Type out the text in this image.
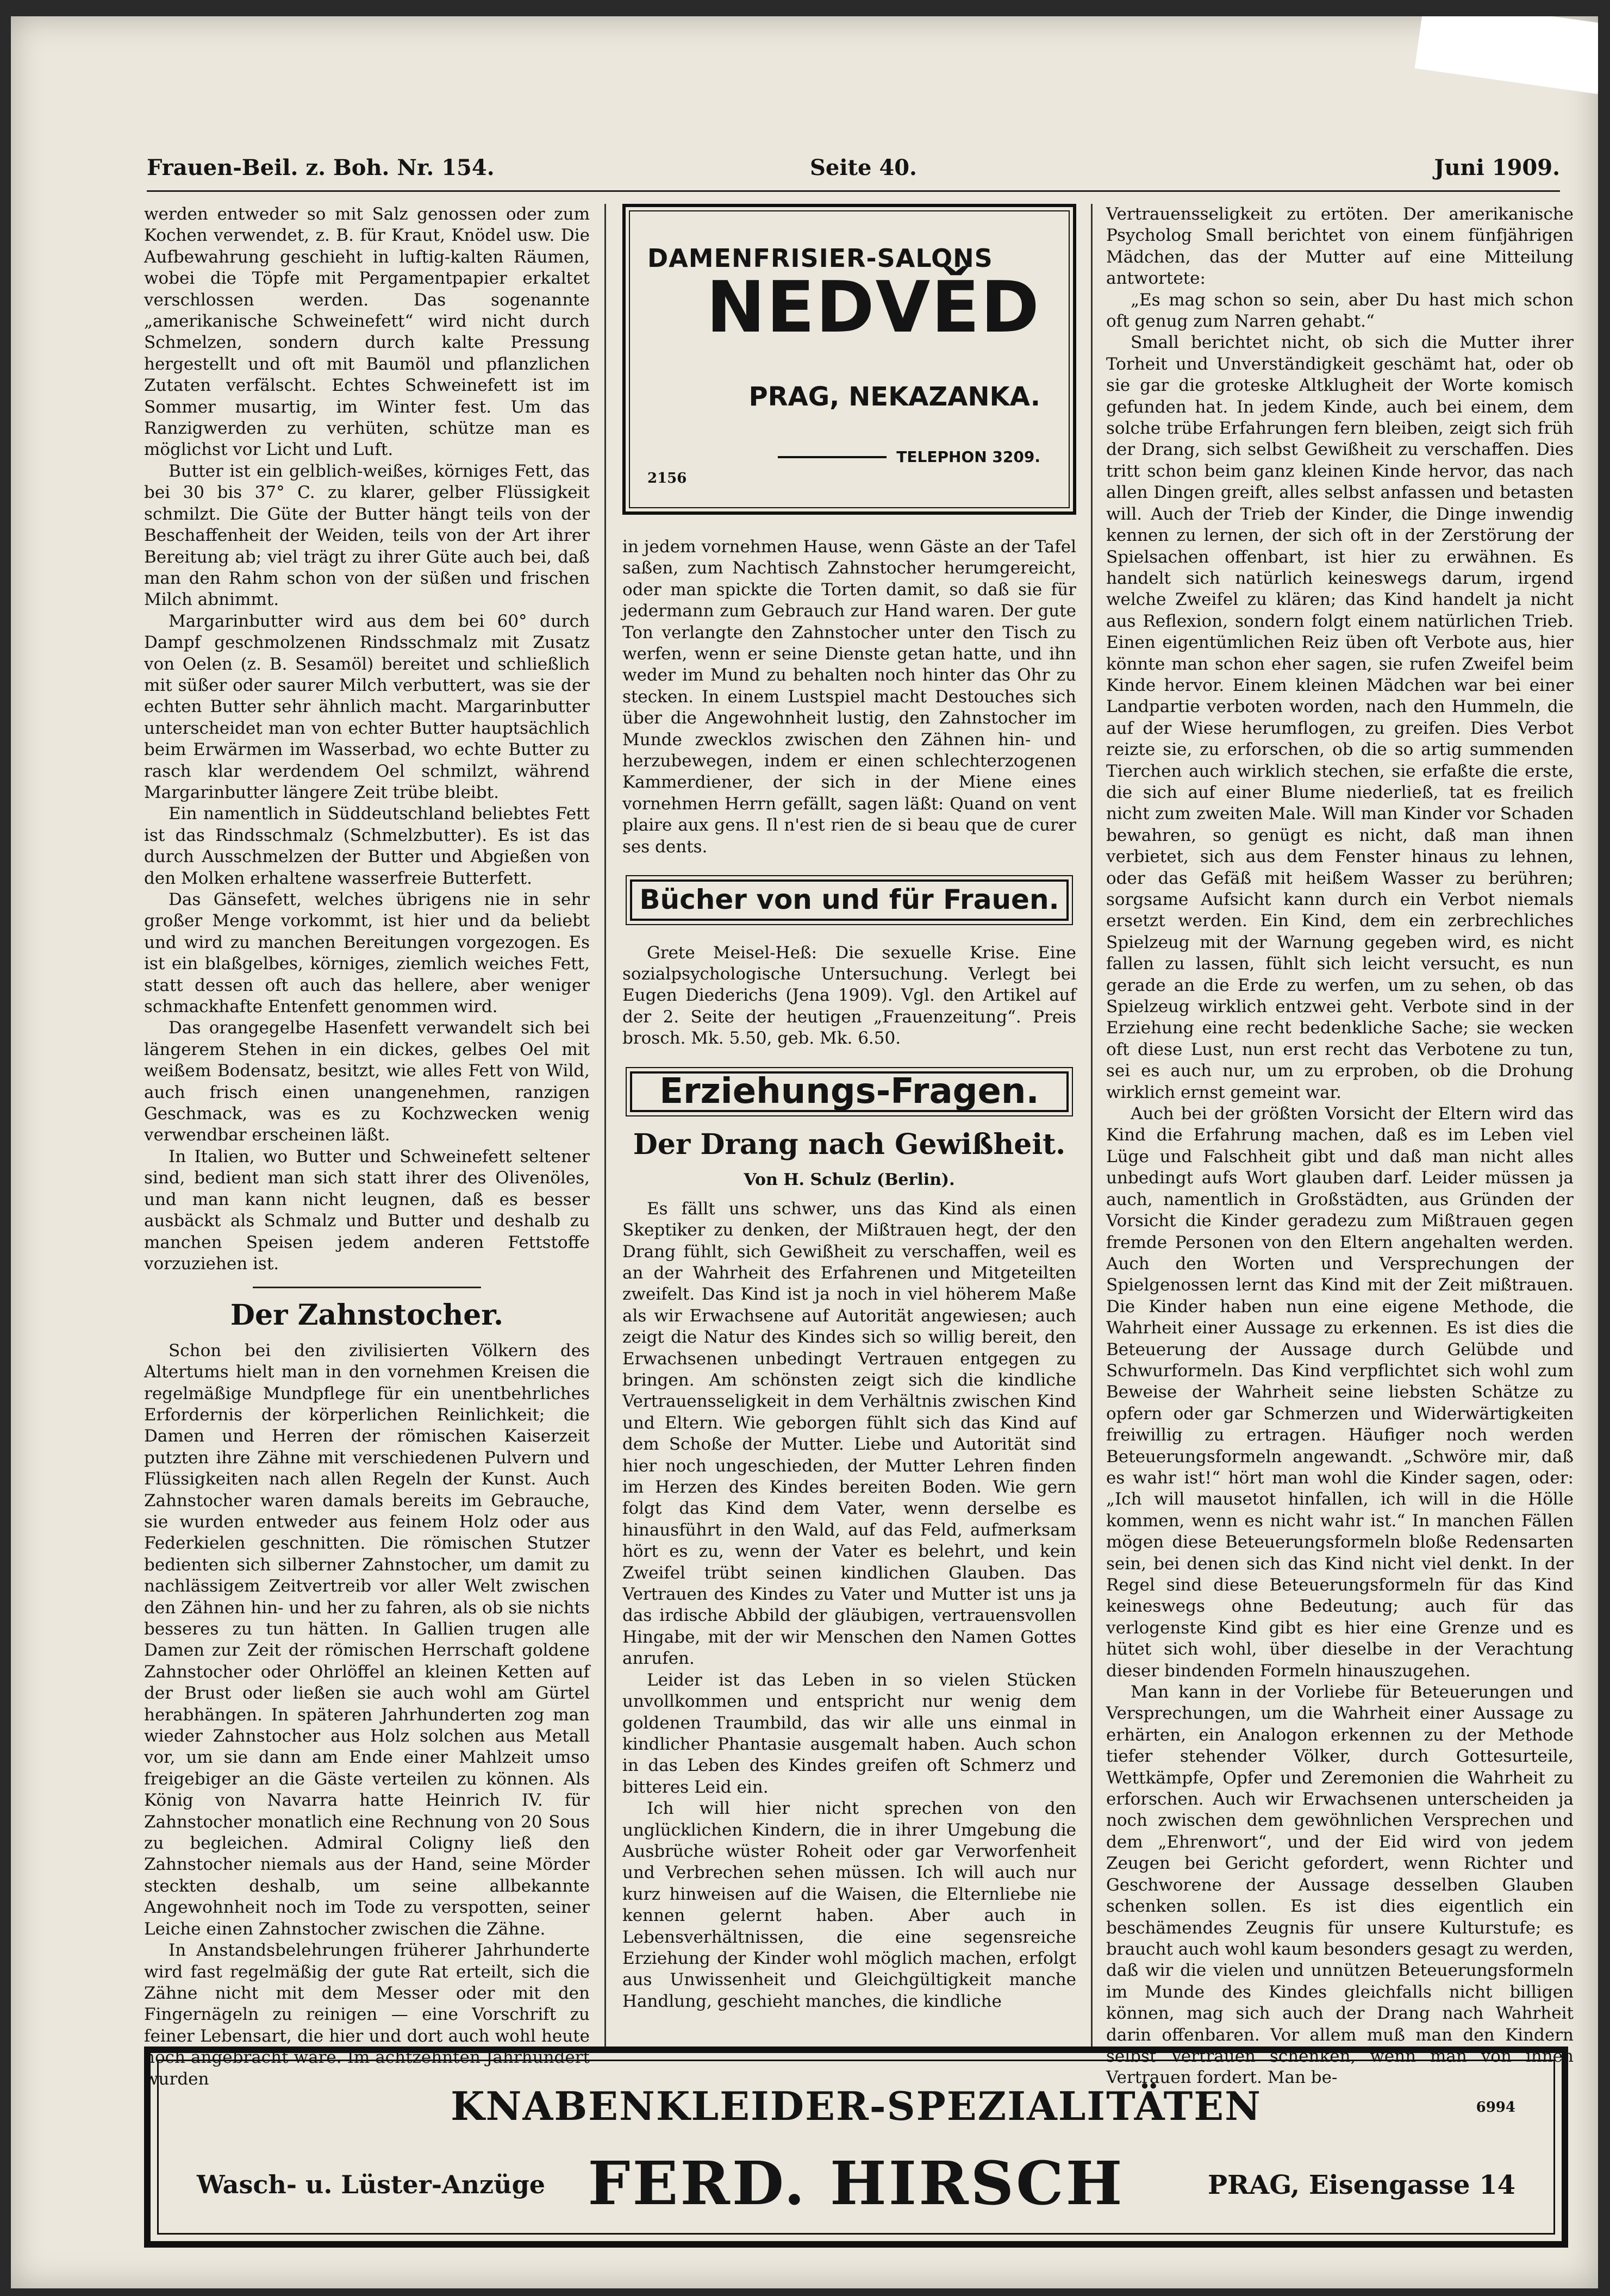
Frauen-Beil. z. Boh. Nr. 154.	Seite 40.	Juni 1909.

werden entweder so mit Salz genossen oder zum Kochen verwendet, z. B. für Kraut, Knödel usw. Die Aufbewahrung geschieht in luftig-kalten Räumen, wobei die Töpfe mit Pergamentpapier erkaltet verschlossen werden. Das sogenannte „amerikanische Schweinefett“ wird nicht durch Schmelzen, sondern durch kalte Pressung hergestellt und oft mit Baumöl und pflanzlichen Zutaten verfälscht. Echtes Schweinefett ist im Sommer musartig, im Winter fest. Um das Ranzigwerden zu verhüten, schütze man es möglichst vor Licht und Luft.

Butter ist ein gelblich-weißes, körniges Fett, das bei 30 bis 37° C. zu klarer, gelber Flüssigkeit schmilzt. Die Güte der Butter hängt teils von der Beschaffenheit der Weiden, teils von der Art ihrer Bereitung ab; viel trägt zu ihrer Güte auch bei, daß man den Rahm schon von der süßen und frischen Milch abnimmt.

Margarinbutter wird aus dem bei 60° durch Dampf geschmolzenen Rindsschmalz mit Zusatz von Oelen (z. B. Sesamöl) bereitet und schließlich mit süßer oder saurer Milch verbuttert, was sie der echten Butter sehr ähnlich macht. Margarinbutter unterscheidet man von echter Butter hauptsächlich beim Erwärmen im Wasserbad, wo echte Butter zu rasch klar werdendem Oel schmilzt, während Margarinbutter längere Zeit trübe bleibt.

Ein namentlich in Süddeutschland beliebtes Fett ist das Rindsschmalz (Schmelzbutter). Es ist das durch Ausschmelzen der Butter und Abgießen von den Molken erhaltene wasserfreie Butterfett.

Das Gänsefett, welches übrigens nie in sehr großer Menge vorkommt, ist hier und da beliebt und wird zu manchen Bereitungen vorgezogen. Es ist ein blaßgelbes, körniges, ziemlich weiches Fett, statt dessen oft auch das hellere, aber weniger schmackhafte Entenfett genommen wird.

Das orangegelbe Hasenfett verwandelt sich bei längerem Stehen in ein dickes, gelbes Oel mit weißem Bodensatz, besitzt, wie alles Fett von Wild, auch frisch einen unangenehmen, ranzigen Geschmack, was es zu Kochzwecken wenig verwendbar erscheinen läßt.

In Italien, wo Butter und Schweinefett seltener sind, bedient man sich statt ihrer des Olivenöles, und man kann nicht leugnen, daß es besser ausbäckt als Schmalz und Butter und deshalb zu manchen Speisen jedem anderen Fettstoffe vorzuziehen ist.

Der Zahnstocher.

Schon bei den zivilisierten Völkern des Altertums hielt man in den vornehmen Kreisen die regelmäßige Mundpflege für ein unentbehrliches Erfordernis der körperlichen Reinlichkeit; die Damen und Herren der römischen Kaiserzeit putzten ihre Zähne mit verschiedenen Pulvern und Flüssigkeiten nach allen Regeln der Kunst. Auch Zahnstocher waren damals bereits im Gebrauche, sie wurden entweder aus feinem Holz oder aus Federkielen geschnitten. Die römischen Stutzer bedienten sich silberner Zahnstocher, um damit zu nachlässigem Zeitvertreib vor aller Welt zwischen den Zähnen hin- und her zu fahren, als ob sie nichts besseres zu tun hätten. In Gallien trugen alle Damen zur Zeit der römischen Herrschaft goldene Zahnstocher oder Ohrlöffel an kleinen Ketten auf der Brust oder ließen sie auch wohl am Gürtel herabhängen. In späteren Jahrhunderten zog man wieder Zahnstocher aus Holz solchen aus Metall vor, um sie dann am Ende einer Mahlzeit umso freigebiger an die Gäste verteilen zu können. Als König von Navarra hatte Heinrich IV. für Zahnstocher monatlich eine Rechnung von 20 Sous zu begleichen. Admiral Coligny ließ den Zahnstocher niemals aus der Hand, seine Mörder steckten deshalb, um seine allbekannte Angewohnheit noch im Tode zu verspotten, seiner Leiche einen Zahnstocher zwischen die Zähne.

In Anstandsbelehrungen früherer Jahrhunderte wird fast regelmäßig der gute Rat erteilt, sich die Zähne nicht mit dem Messer oder mit den Fingernägeln zu reinigen — eine Vorschrift zu feiner Lebensart, die hier und dort auch wohl heute noch angebracht wäre. Im achtzehnten Jahrhundert wurden

DAMENFRISIER-SALONS
NEDVĚD
PRAG, NEKAZANKA.
TELEPHON 3209.
2156

in jedem vornehmen Hause, wenn Gäste an der Tafel saßen, zum Nachtisch Zahnstocher herumgereicht, oder man spickte die Torten damit, so daß sie für jedermann zum Gebrauch zur Hand waren. Der gute Ton verlangte den Zahnstocher unter den Tisch zu werfen, wenn er seine Dienste getan hatte, und ihn weder im Mund zu behalten noch hinter das Ohr zu stecken. In einem Lustspiel macht Destouches sich über die Angewohnheit lustig, den Zahnstocher im Munde zwecklos zwischen den Zähnen hin- und herzubewegen, indem er einen schlechterzogenen Kammerdiener, der sich in der Miene eines vornehmen Herrn gefällt, sagen läßt: Quand on vent plaire aux gens. Il n'est rien de si beau que de curer ses dents.

Bücher von und für Frauen.

Grete Meisel-Heß: Die sexuelle Krise. Eine sozialpsychologische Untersuchung. Verlegt bei Eugen Diederichs (Jena 1909). Vgl. den Artikel auf der 2. Seite der heutigen „Frauenzeitung“. Preis brosch. Mk. 5.50, geb. Mk. 6.50.

Erziehungs-Fragen.
Der Drang nach Gewißheit.
Von H. Schulz (Berlin).

Es fällt uns schwer, uns das Kind als einen Skeptiker zu denken, der Mißtrauen hegt, der den Drang fühlt, sich Gewißheit zu verschaffen, weil es an der Wahrheit des Erfahrenen und Mitgeteilten zweifelt. Das Kind ist ja noch in viel höherem Maße als wir Erwachsene auf Autorität angewiesen; auch zeigt die Natur des Kindes sich so willig bereit, den Erwachsenen unbedingt Vertrauen entgegen zu bringen. Am schönsten zeigt sich die kindliche Vertrauensseligkeit in dem Verhältnis zwischen Kind und Eltern. Wie geborgen fühlt sich das Kind auf dem Schoße der Mutter. Liebe und Autorität sind hier noch ungeschieden, der Mutter Lehren finden im Herzen des Kindes bereiten Boden. Wie gern folgt das Kind dem Vater, wenn derselbe es hinausführt in den Wald, auf das Feld, aufmerksam hört es zu, wenn der Vater es belehrt, und kein Zweifel trübt seinen kindlichen Glauben. Das Vertrauen des Kindes zu Vater und Mutter ist uns ja das irdische Abbild der gläubigen, vertrauensvollen Hingabe, mit der wir Menschen den Namen Gottes anrufen.

Leider ist das Leben in so vielen Stücken unvollkommen und entspricht nur wenig dem goldenen Traumbild, das wir alle uns einmal in kindlicher Phantasie ausgemalt haben. Auch schon in das Leben des Kindes greifen oft Schmerz und bitteres Leid ein.

Ich will hier nicht sprechen von den unglücklichen Kindern, die in ihrer Umgebung die Ausbrüche wüster Roheit oder gar Verworfenheit und Verbrechen sehen müssen. Ich will auch nur kurz hinweisen auf die Waisen, die Elternliebe nie kennen gelernt haben. Aber auch in Lebensverhältnissen, die eine segensreiche Erziehung der Kinder wohl möglich machen, erfolgt aus Unwissenheit und Gleichgültigkeit manche Handlung, geschieht manches, die kindliche

Vertrauensseligkeit zu ertöten. Der amerikanische Psycholog Small berichtet von einem fünfjährigen Mädchen, das der Mutter auf eine Mitteilung antwortete:

„Es mag schon so sein, aber Du hast mich schon oft genug zum Narren gehabt.“

Small berichtet nicht, ob sich die Mutter ihrer Torheit und Unverständigkeit geschämt hat, oder ob sie gar die groteske Altklugheit der Worte komisch gefunden hat. In jedem Kinde, auch bei einem, dem solche trübe Erfahrungen fern bleiben, zeigt sich früh der Drang, sich selbst Gewißheit zu verschaffen. Dies tritt schon beim ganz kleinen Kinde hervor, das nach allen Dingen greift, alles selbst anfassen und betasten will. Auch der Trieb der Kinder, die Dinge inwendig kennen zu lernen, der sich oft in der Zerstörung der Spielsachen offenbart, ist hier zu erwähnen. Es handelt sich natürlich keineswegs darum, irgend welche Zweifel zu klären; das Kind handelt ja nicht aus Reflexion, sondern folgt einem natürlichen Trieb. Einen eigentümlichen Reiz üben oft Verbote aus, hier könnte man schon eher sagen, sie rufen Zweifel beim Kinde hervor. Einem kleinen Mädchen war bei einer Landpartie verboten worden, nach den Hummeln, die auf der Wiese herumflogen, zu greifen. Dies Verbot reizte sie, zu erforschen, ob die so artig summenden Tierchen auch wirklich stechen, sie erfaßte die erste, die sich auf einer Blume niederließ, tat es freilich nicht zum zweiten Male. Will man Kinder vor Schaden bewahren, so genügt es nicht, daß man ihnen verbietet, sich aus dem Fenster hinaus zu lehnen, oder das Gefäß mit heißem Wasser zu berühren; sorgsame Aufsicht kann durch ein Verbot niemals ersetzt werden. Ein Kind, dem ein zerbrechliches Spielzeug mit der Warnung gegeben wird, es nicht fallen zu lassen, fühlt sich leicht versucht, es nun gerade an die Erde zu werfen, um zu sehen, ob das Spielzeug wirklich entzwei geht. Verbote sind in der Erziehung eine recht bedenkliche Sache; sie wecken oft diese Lust, nun erst recht das Verbotene zu tun, sei es auch nur, um zu erproben, ob die Drohung wirklich ernst gemeint war.

Auch bei der größten Vorsicht der Eltern wird das Kind die Erfahrung machen, daß es im Leben viel Lüge und Falschheit gibt und daß man nicht alles unbedingt aufs Wort glauben darf. Leider müssen ja auch, namentlich in Großstädten, aus Gründen der Vorsicht die Kinder geradezu zum Mißtrauen gegen fremde Personen von den Eltern angehalten werden. Auch den Worten und Versprechungen der Spielgenossen lernt das Kind mit der Zeit mißtrauen. Die Kinder haben nun eine eigene Methode, die Wahrheit einer Aussage zu erkennen. Es ist dies die Beteuerung der Aussage durch Gelübde und Schwurformeln. Das Kind verpflichtet sich wohl zum Beweise der Wahrheit seine liebsten Schätze zu opfern oder gar Schmerzen und Widerwärtigkeiten freiwillig zu ertragen. Häufiger noch werden Beteuerungsformeln angewandt. „Schwöre mir, daß es wahr ist!“ hört man wohl die Kinder sagen, oder: „Ich will mausetot hinfallen, ich will in die Hölle kommen, wenn es nicht wahr ist.“ In manchen Fällen mögen diese Beteuerungsformeln bloße Redensarten sein, bei denen sich das Kind nicht viel denkt. In der Regel sind diese Beteuerungsformeln für das Kind keineswegs ohne Bedeutung; auch für das verlogenste Kind gibt es hier eine Grenze und es hütet sich wohl, über dieselbe in der Verachtung dieser bindenden Formeln hinauszugehen.

Man kann in der Vorliebe für Beteuerungen und Versprechungen, um die Wahrheit einer Aussage zu erhärten, ein Analogon erkennen zu der Methode tiefer stehender Völker, durch Gottesurteile, Wettkämpfe, Opfer und Zeremonien die Wahrheit zu erforschen. Auch wir Erwachsenen unterscheiden ja noch zwischen dem gewöhnlichen Versprechen und dem „Ehrenwort“, und der Eid wird von jedem Zeugen bei Gericht gefordert, wenn Richter und Geschworene der Aussage desselben Glauben schenken sollen. Es ist dies eigentlich ein beschämendes Zeugnis für unsere Kulturstufe; es braucht auch wohl kaum besonders gesagt zu werden, daß wir die vielen und unnützen Beteuerungsformeln im Munde des Kindes gleichfalls nicht billigen können, mag sich auch der Drang nach Wahrheit darin offenbaren. Vor allem muß man den Kindern selbst Vertrauen schenken, wenn man von ihnen Vertrauen fordert. Man be-

KNABENKLEIDER-SPEZIALITÄTEN	6994
Wasch- u. Lüster-Anzüge FERD. HIRSCH	PRAG, Eisengasse 14
